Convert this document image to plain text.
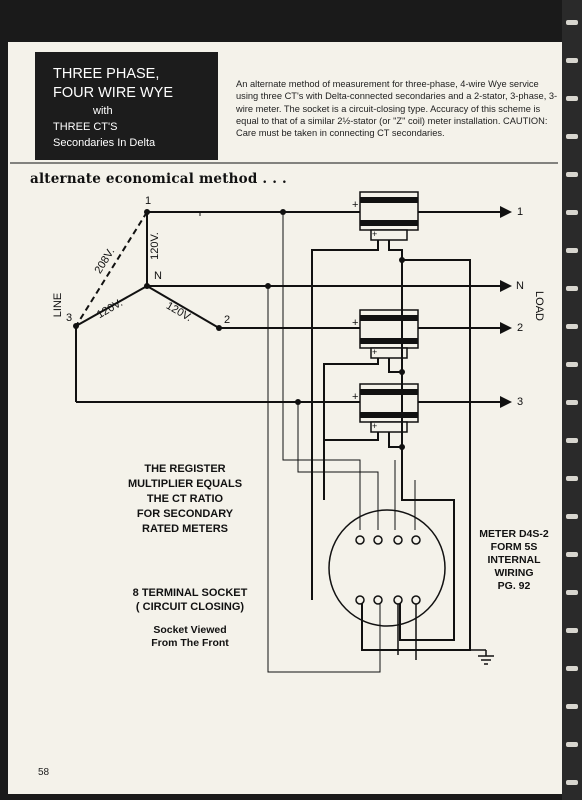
THREE PHASE,
FOUR WIRE WYE
with
THREE CT'S
Secondaries In Delta
An alternate method of measurement for three-phase, 4-wire Wye service using three CT's with Delta-connected secondaries and a 2-stator, 3-phase, 3-wire meter. The socket is a circuit-closing type. Accuracy of this scheme is equal to that of a similar 2½-stator (or "Z" coil) meter installation. CAUTION: Care must be taken in connecting CT secondaries.
alternate economical method . . .
1
N
2
3
208V.
120V.
120V.	120V.
LINE	LOAD
1
N
2
3
+
+
+
+
+
+
THE REGISTER
MULTIPLIER EQUALS
THE CT RATIO
FOR SECONDARY
RATED METERS
8 TERMINAL SOCKET
( CIRCUIT CLOSING)
Socket Viewed
From The Front
METER D4S-2
FORM 5S
INTERNAL
WIRING
PG. 92
58
